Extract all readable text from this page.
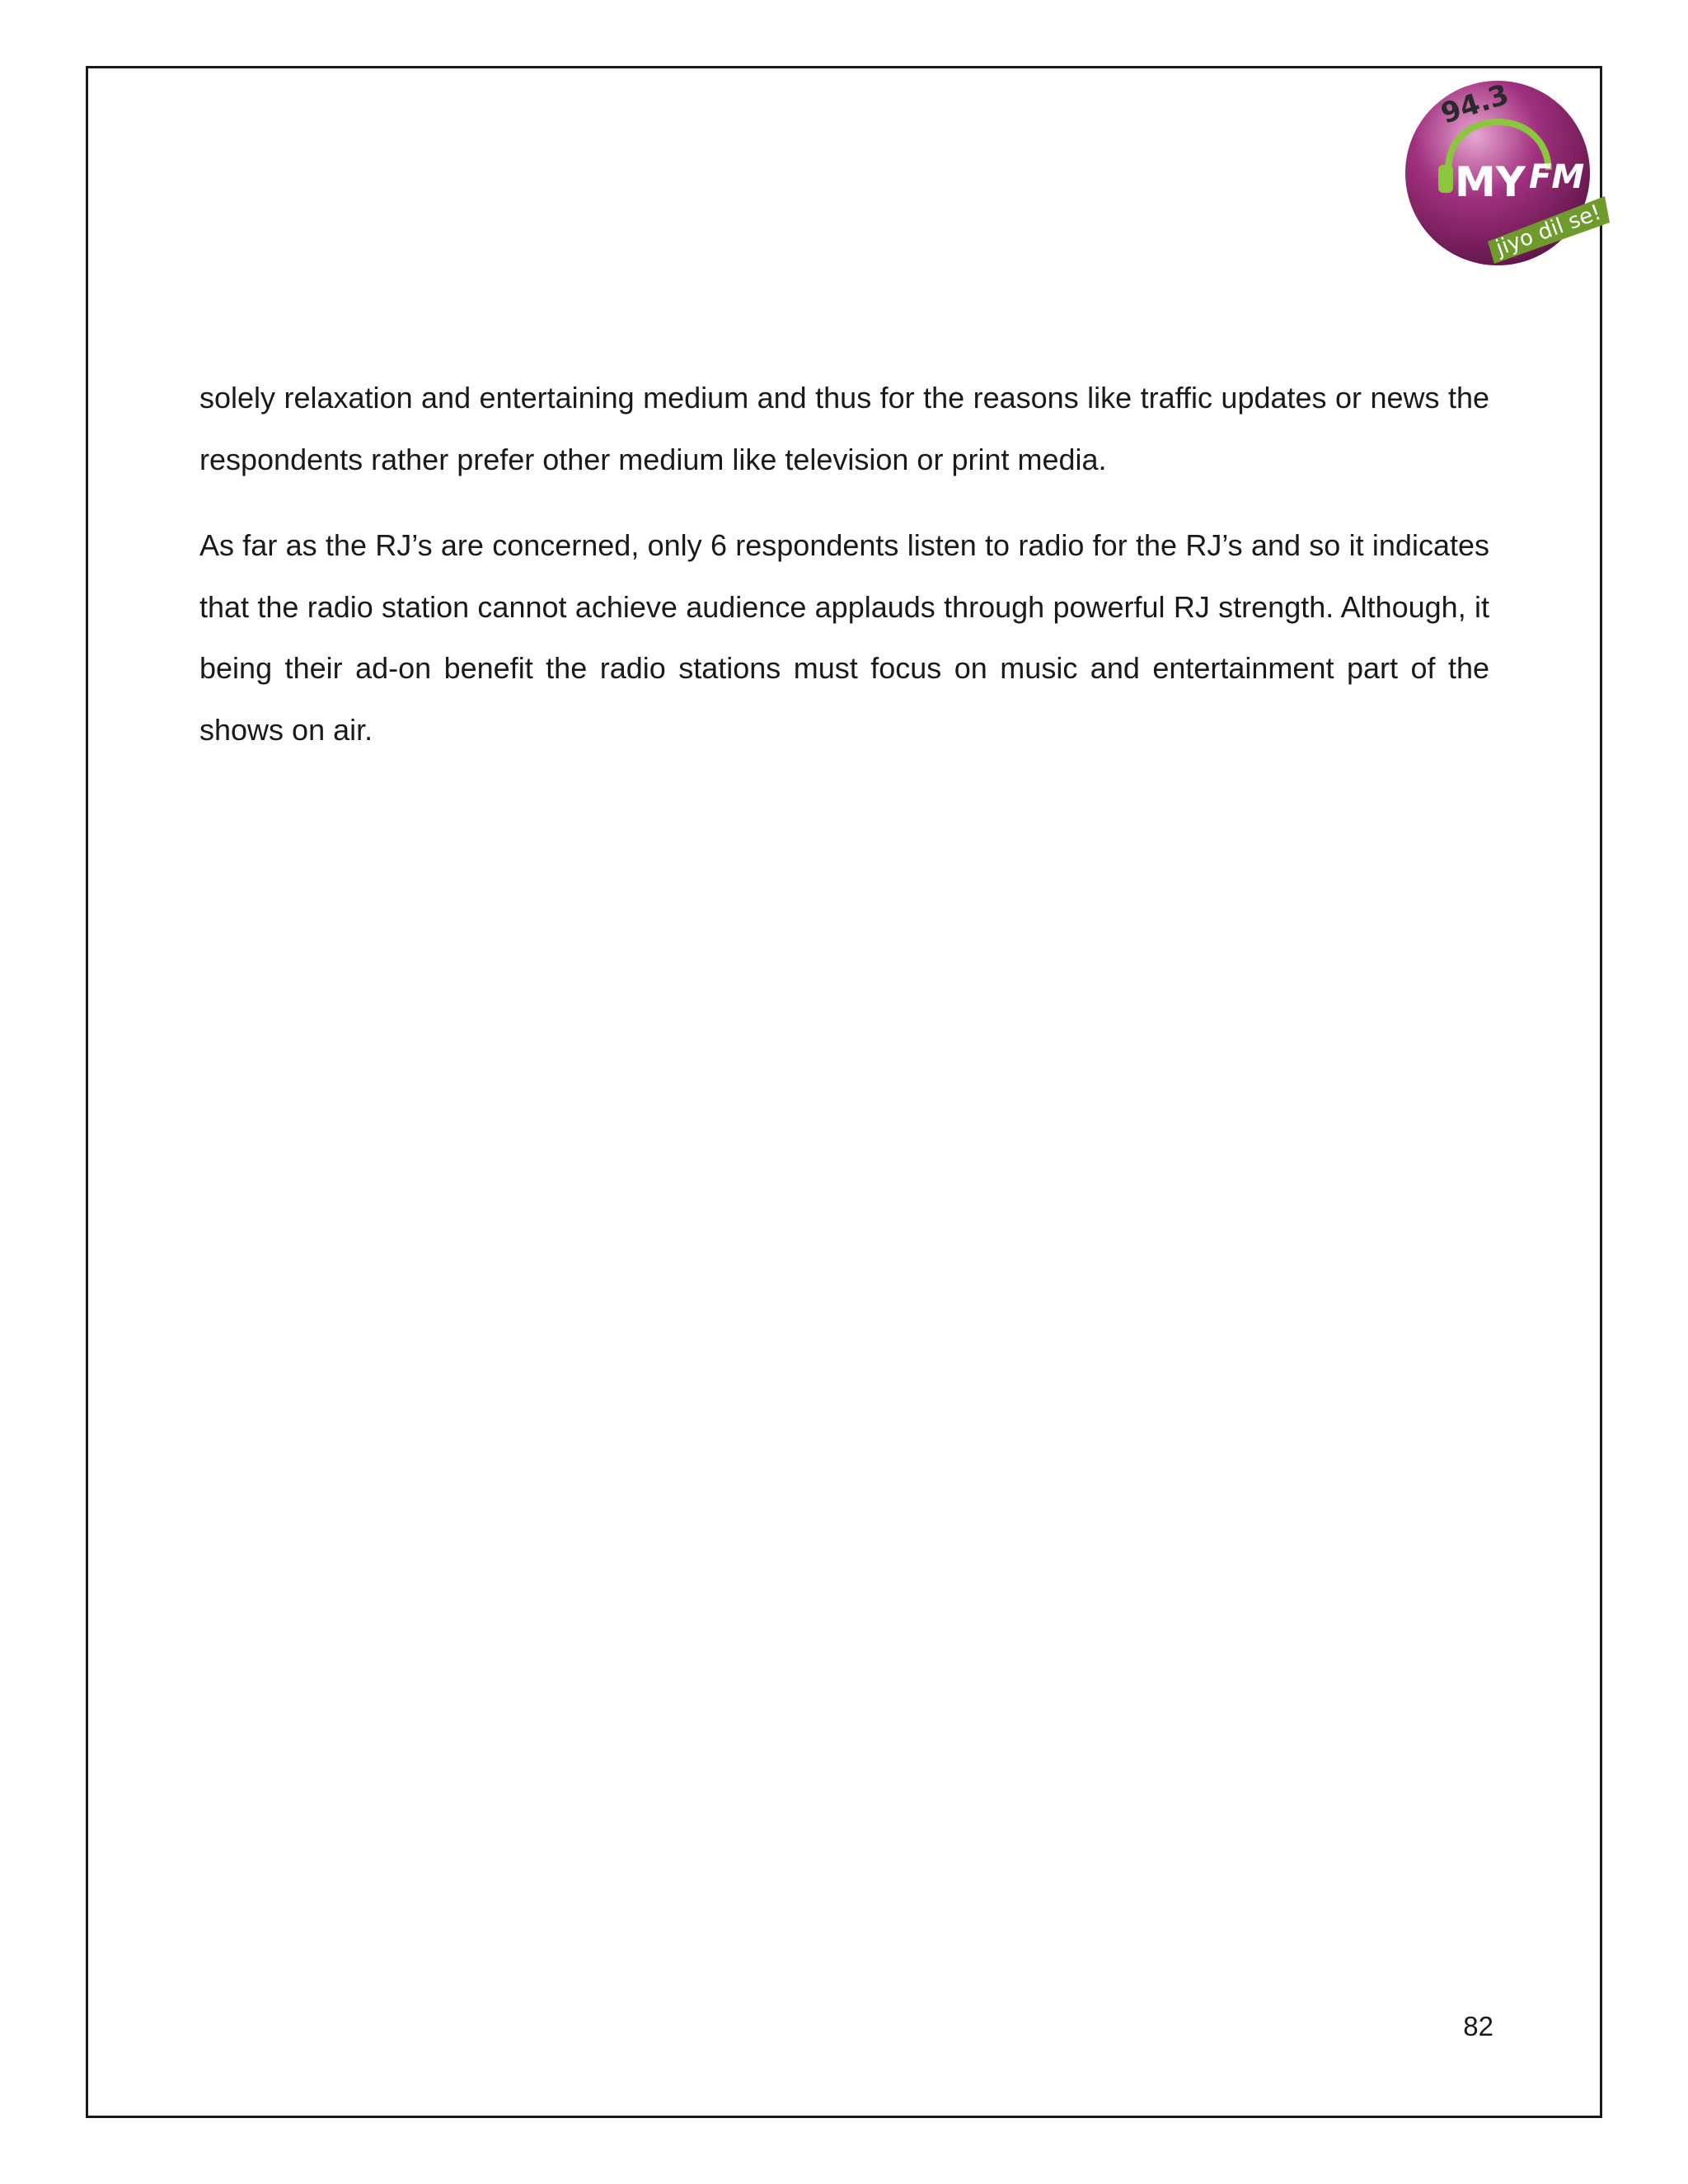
94.3
MY FM
jiyo dil se!

solely relaxation and entertaining medium and thus for the reasons like traffic updates or news the respondents rather prefer other medium like television or print media.

As far as the RJ’s are concerned, only 6 respondents listen to radio for the RJ’s and so it indicates that the radio station cannot achieve audience applauds through powerful RJ strength. Although, it being their ad-on benefit the radio stations must focus on music and entertainment part of the shows on air.

82
